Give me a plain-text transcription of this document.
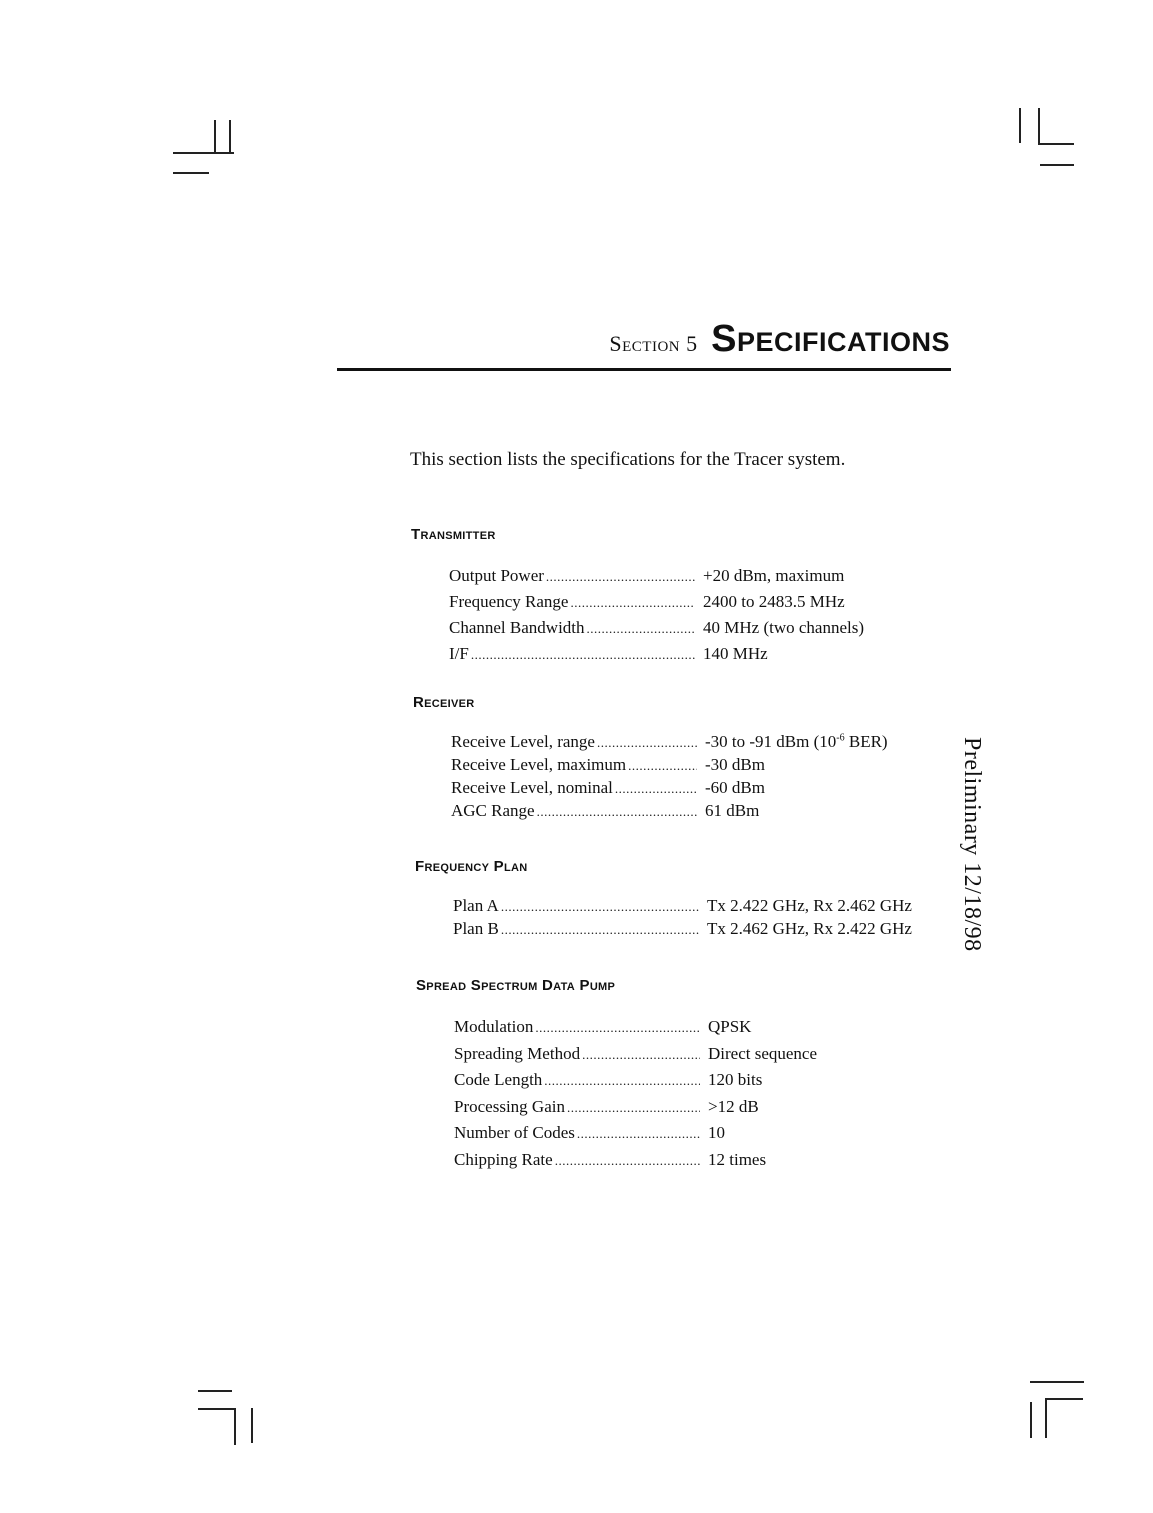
Section 5 Specifications
This section lists the specifications for the Tracer system.
Transmitter
Output Power .....	+20 dBm, maximum
Frequency Range .....	2400 to 2483.5 MHz
Channel Bandwidth .....	40 MHz (two channels)
I/F .....	140 MHz
Receiver
Receive Level, range .....	-30 to -91 dBm ($10^{-6}$ BER)
Receive Level, maximum .....	-30 dBm
Receive Level, nominal .....	-60 dBm
AGC Range .....	61 dBm
Frequency Plan
Plan A .....	Tx 2.422 GHz, Rx 2.462 GHz
Plan B .....	Tx 2.462 GHz, Rx 2.422 GHz
Spread Spectrum Data Pump
Modulation .....	QPSK
Spreading Method .....	Direct sequence
Code Length .....	120 bits
Processing Gain .....	>12 dB
Number of Codes .....	10
Chipping Rate .....	12 times
Preliminary 12/18/98
